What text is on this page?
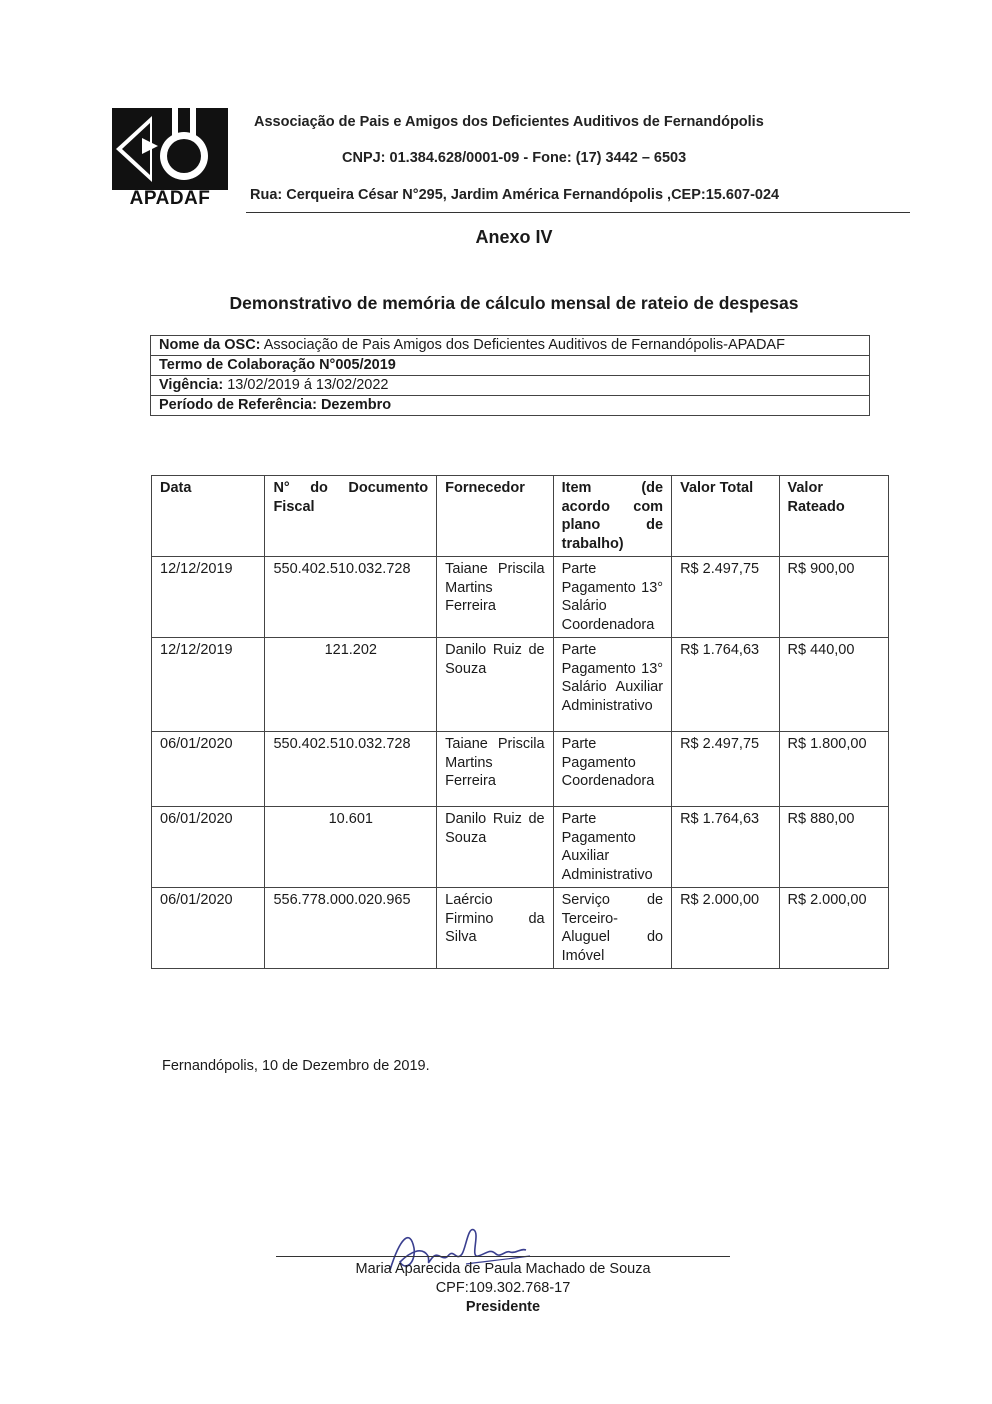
APADAF
Associação de Pais e Amigos dos Deficientes Auditivos de Fernandópolis
CNPJ: 01.384.628/0001-09 - Fone: (17) 3442 – 6503
Rua: Cerqueira César N°295, Jardim América Fernandópolis ,CEP:15.607-024
Anexo IV
Demonstrativo de memória de cálculo mensal de rateio de despesas
Nome da OSC: Associação de Pais Amigos dos Deficientes Auditivos de Fernandópolis-APADAF
Termo de Colaboração N°005/2019
Vigência: 13/02/2019 á 13/02/2022
Período de Referência: Dezembro
Data	N° do Documento Fiscal	Fornecedor	Item (de acordo com plano de trabalho)	Valor Total	Valor Rateado
12/12/2019	550.402.510.032.728	Taiane Priscila Martins Ferreira	Parte Pagamento 13° Salário Coordenadora	R$ 2.497,75	R$ 900,00
12/12/2019	121.202	Danilo Ruiz de Souza	Parte Pagamento 13° Salário Auxiliar Administrativo	R$ 1.764,63	R$ 440,00
06/01/2020	550.402.510.032.728	Taiane Priscila Martins Ferreira	Parte Pagamento Coordenadora	R$ 2.497,75	R$ 1.800,00
06/01/2020	10.601	Danilo Ruiz de Souza	Parte Pagamento Auxiliar Administrativo	R$ 1.764,63	R$ 880,00
06/01/2020	556.778.000.020.965	Laércio Firmino da Silva	Serviço de Terceiro-Aluguel do Imóvel	R$ 2.000,00	R$ 2.000,00
Fernandópolis, 10 de Dezembro de 2019.
Maria Aparecida de Paula Machado de Souza
CPF:109.302.768-17
Presidente
